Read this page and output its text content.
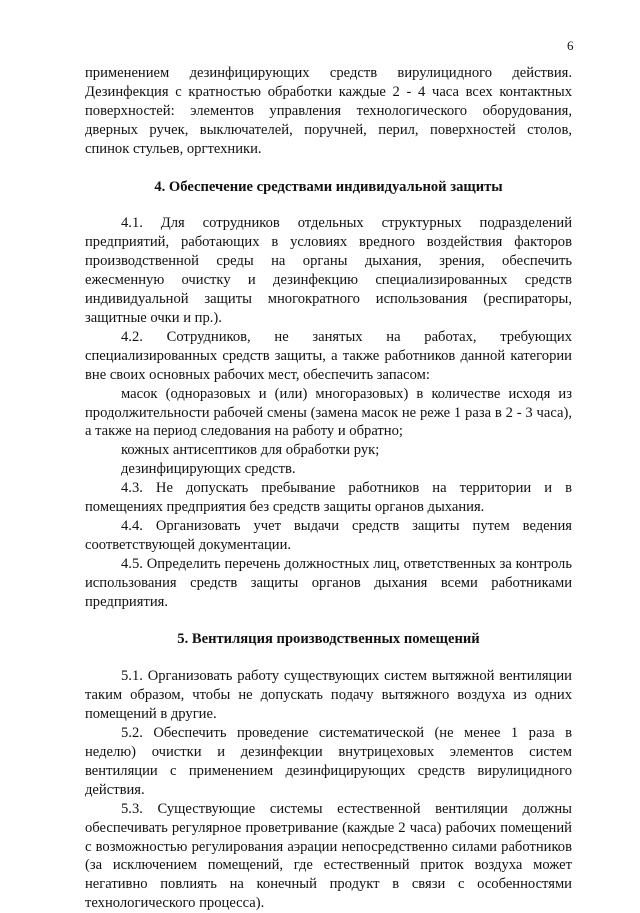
6

применением дезинфицирующих средств вирулицидного действия. Дезинфекция с кратностью обработки каждые 2 - 4 часа всех контактных поверхностей: элементов управления технологического оборудования, дверных ручек, выключателей, поручней, перил, поверхностей столов, спинок стульев, оргтехники.

4. Обеспечение средствами индивидуальной защиты

4.1. Для сотрудников отдельных структурных подразделений предприятий, работающих в условиях вредного воздействия факторов производственной среды на органы дыхания, зрения, обеспечить ежесменную очистку и дезинфекцию специализированных средств индивидуальной защиты многократного использования (респираторы, защитные очки и пр.).

4.2. Сотрудников, не занятых на работах, требующих специализированных средств защиты, а также работников данной категории вне своих основных рабочих мест, обеспечить запасом:

масок (одноразовых и (или) многоразовых) в количестве исходя из продолжительности рабочей смены (замена масок не реже 1 раза в 2 - 3 часа), а также на период следования на работу и обратно;

кожных антисептиков для обработки рук;

дезинфицирующих средств.

4.3. Не допускать пребывание работников на территории и в помещениях предприятия без средств защиты органов дыхания.

4.4. Организовать учет выдачи средств защиты путем ведения соответствующей документации.

4.5. Определить перечень должностных лиц, ответственных за контроль использования средств защиты органов дыхания всеми работниками предприятия.

5. Вентиляция производственных помещений

5.1. Организовать работу существующих систем вытяжной вентиляции таким образом, чтобы не допускать подачу вытяжного воздуха из одних помещений в другие.

5.2. Обеспечить проведение систематической (не менее 1 раза в неделю) очистки и дезинфекции внутрицеховых элементов систем вентиляции с применением дезинфицирующих средств вирулицидного действия.

5.3. Существующие системы естественной вентиляции должны обеспечивать регулярное проветривание (каждые 2 часа) рабочих помещений с возможностью регулирования аэрации непосредственно силами работников (за исключением помещений, где естественный приток воздуха может негативно повлиять на конечный продукт в связи с особенностями технологического процесса).
